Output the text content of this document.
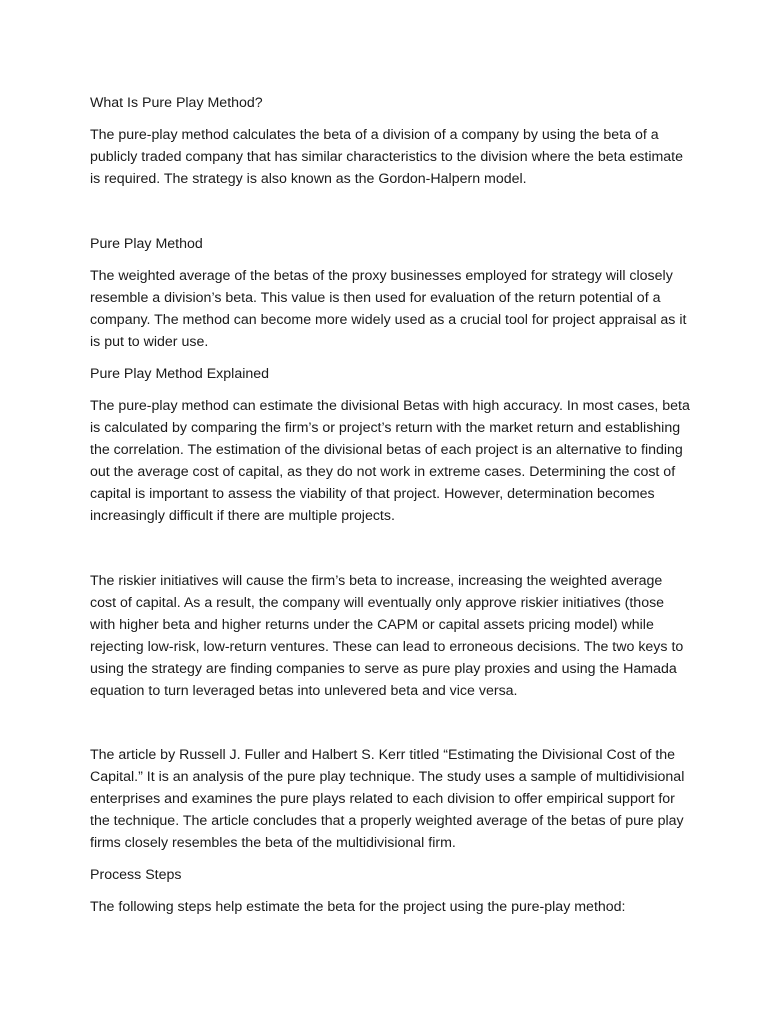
What Is Pure Play Method?

The pure-play method calculates the beta of a division of a company by using the beta of a publicly traded company that has similar characteristics to the division where the beta estimate is required. The strategy is also known as the Gordon-Halpern model.

Pure Play Method

The weighted average of the betas of the proxy businesses employed for strategy will closely resemble a division’s beta. This value is then used for evaluation of the return potential of a company. The method can become more widely used as a crucial tool for project appraisal as it is put to wider use.

Pure Play Method Explained

The pure-play method can estimate the divisional Betas with high accuracy. In most cases, beta is calculated by comparing the firm’s or project’s return with the market return and establishing the correlation. The estimation of the divisional betas of each project is an alternative to finding out the average cost of capital, as they do not work in extreme cases. Determining the cost of capital is important to assess the viability of that project. However, determination becomes increasingly difficult if there are multiple projects.

The riskier initiatives will cause the firm’s beta to increase, increasing the weighted average cost of capital. As a result, the company will eventually only approve riskier initiatives (those with higher beta and higher returns under the CAPM or capital assets pricing model) while rejecting low-risk, low-return ventures. These can lead to erroneous decisions. The two keys to using the strategy are finding companies to serve as pure play proxies and using the Hamada equation to turn leveraged betas into unlevered beta and vice versa.

The article by Russell J. Fuller and Halbert S. Kerr titled “Estimating the Divisional Cost of the Capital.” It is an analysis of the pure play technique. The study uses a sample of multidivisional enterprises and examines the pure plays related to each division to offer empirical support for the technique. The article concludes that a properly weighted average of the betas of pure play firms closely resembles the beta of the multidivisional firm.

Process Steps

The following steps help estimate the beta for the project using the pure-play method:
